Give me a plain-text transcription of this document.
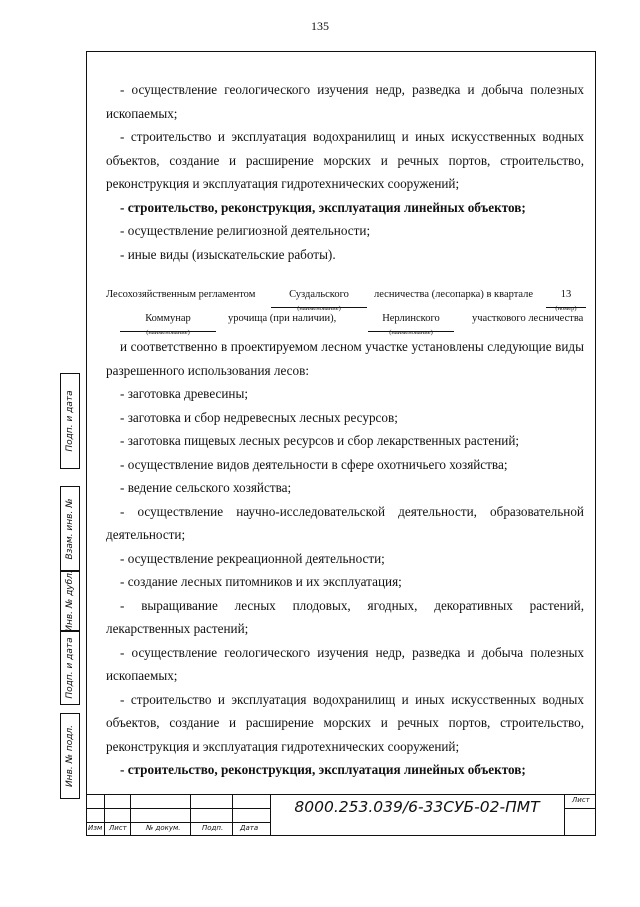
135

- осуществление геологического изучения недр, разведка и добыча полезных ископаемых;

- строительство и эксплуатация водохранилищ и иных искусственных водных объектов, создание и расширение морских и речных портов, строительство, реконструкция и эксплуатация гидротехнических сооружений;

- строительство, реконструкция, эксплуатация линейных объектов;

- осуществление религиозной деятельности;

- иные виды (изыскательские работы).

Лесохозяйственным регламентом	Суздальского
(наименование)
лесничества (лесопарка) в квартале	13
(номер)
Коммунар
(наименование)
урочища (при наличии),	Нерлинского
(наименование)
участкового лесничества

и соответственно в проектируемом лесном участке установлены следующие виды разрешенного использования лесов:

- заготовка древесины;

- заготовка и сбор недревесных лесных ресурсов;

- заготовка пищевых лесных ресурсов и сбор лекарственных растений;

- осуществление видов деятельности в сфере охотничьего хозяйства;

- ведение сельского хозяйства;

- осуществление научно-исследовательской деятельности, образовательной деятельности;

- осуществление рекреационной деятельности;

- создание лесных питомников и их эксплуатация;

- выращивание лесных плодовых, ягодных, декоративных растений, лекарственных растений;

- осуществление геологического изучения недр, разведка и добыча полезных ископаемых;

- строительство и эксплуатация водохранилищ и иных искусственных водных объектов, создание и расширение морских и речных портов, строительство, реконструкция и эксплуатация гидротехнических сооружений;

- строительство, реконструкция, эксплуатация линейных объектов;

Подп. и дата
Взам. инв. №
Инв. № дубл.
Подп. и дата
Инв. № подл.
Изм Лист	№ докум.	Подп. Дата
8000.253.039/6-33СУБ-02-ПМТ	Лист
